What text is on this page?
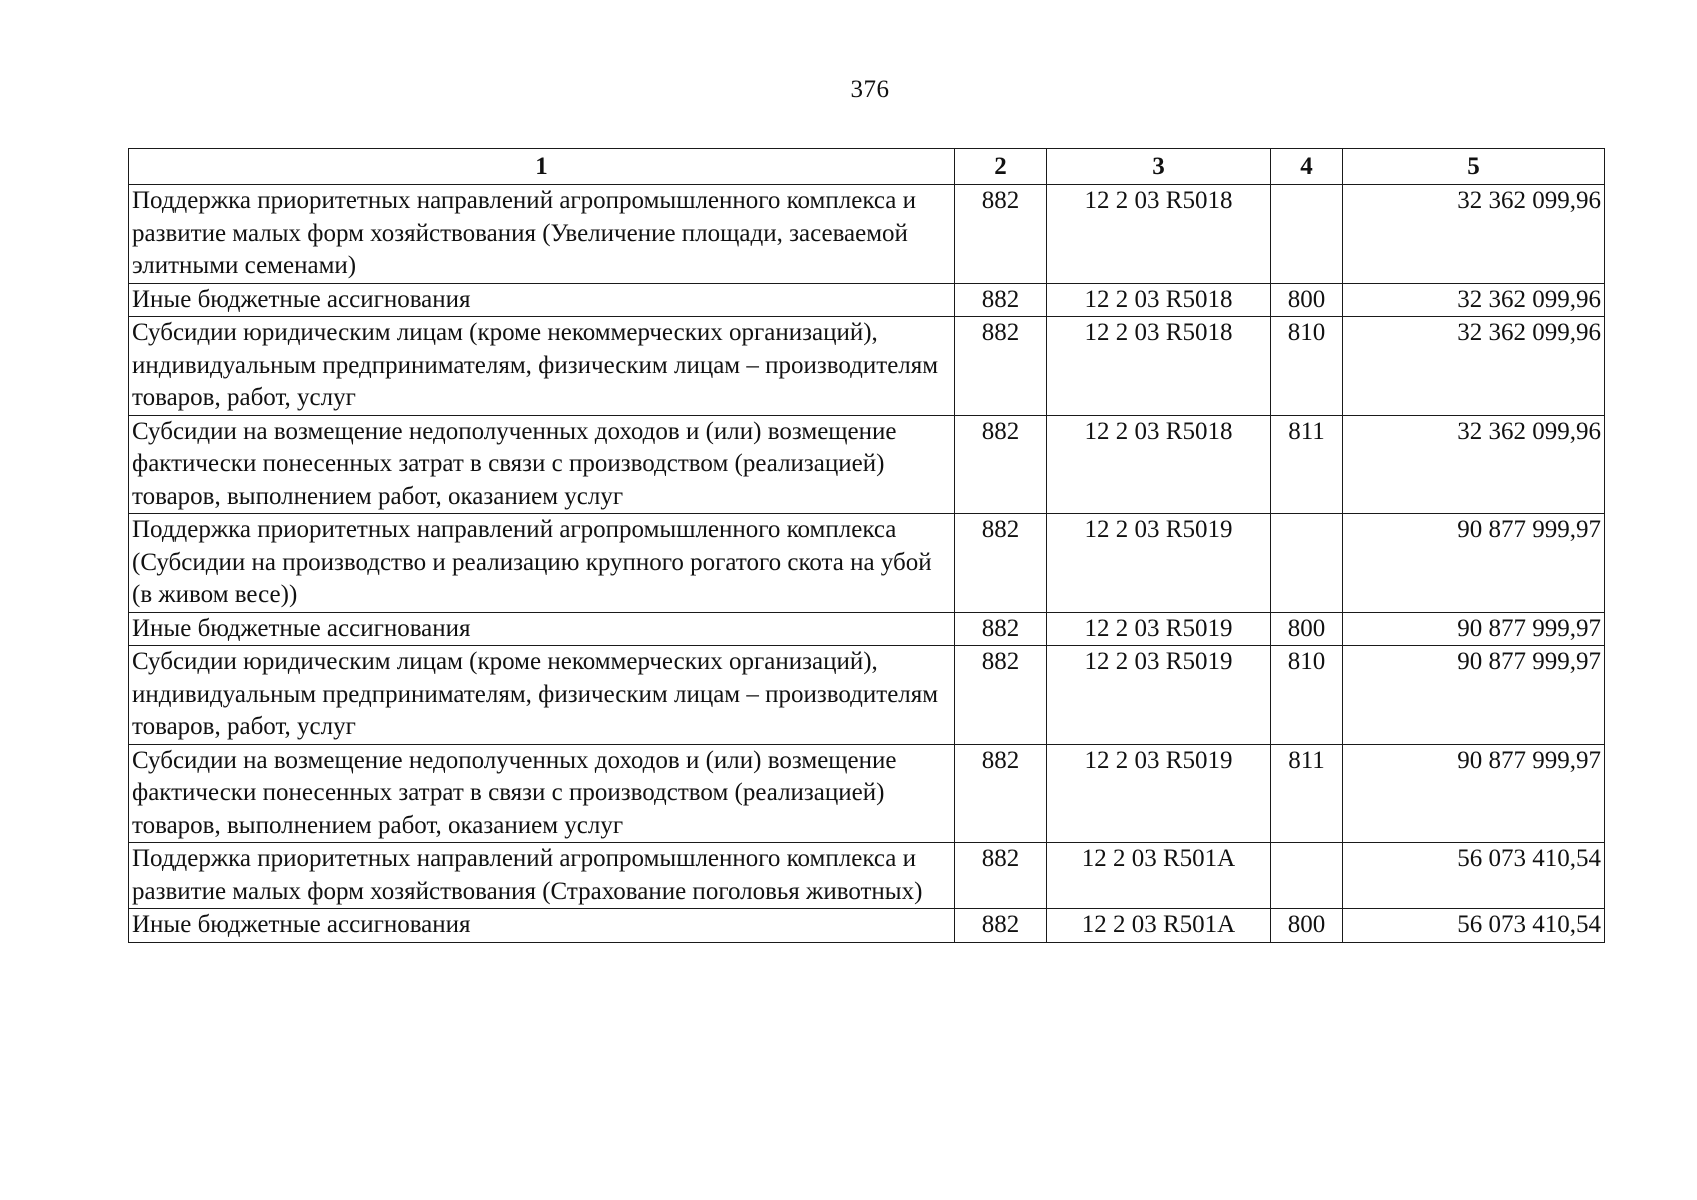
376
1	2	3	4	5
Поддержка приоритетных направлений агропромышленного комплекса и развитие малых форм хозяйствования (Увеличение площади, засеваемой элитными семенами)	882	12 2 03 R5018		32 362 099,96
Иные бюджетные ассигнования	882	12 2 03 R5018	800	32 362 099,96
Субсидии юридическим лицам (кроме некоммерческих организаций), индивидуальным предпринимателям, физическим лицам – производителям товаров, работ, услуг	882	12 2 03 R5018	810	32 362 099,96
Субсидии на возмещение недополученных доходов и (или) возмещение фактически понесенных затрат в связи с производством (реализацией) товаров, выполнением работ, оказанием услуг	882	12 2 03 R5018	811	32 362 099,96
Поддержка приоритетных направлений агропромышленного комплекса (Субсидии на производство и реализацию крупного рогатого скота на убой (в живом весе))	882	12 2 03 R5019		90 877 999,97
Иные бюджетные ассигнования	882	12 2 03 R5019	800	90 877 999,97
Субсидии юридическим лицам (кроме некоммерческих организаций), индивидуальным предпринимателям, физическим лицам – производителям товаров, работ, услуг	882	12 2 03 R5019	810	90 877 999,97
Субсидии на возмещение недополученных доходов и (или) возмещение фактически понесенных затрат в связи с производством (реализацией) товаров, выполнением работ, оказанием услуг	882	12 2 03 R5019	811	90 877 999,97
Поддержка приоритетных направлений агропромышленного комплекса и развитие малых форм хозяйствования (Страхование поголовья животных)	882	12 2 03 R501A		56 073 410,54
Иные бюджетные ассигнования	882	12 2 03 R501A	800	56 073 410,54
